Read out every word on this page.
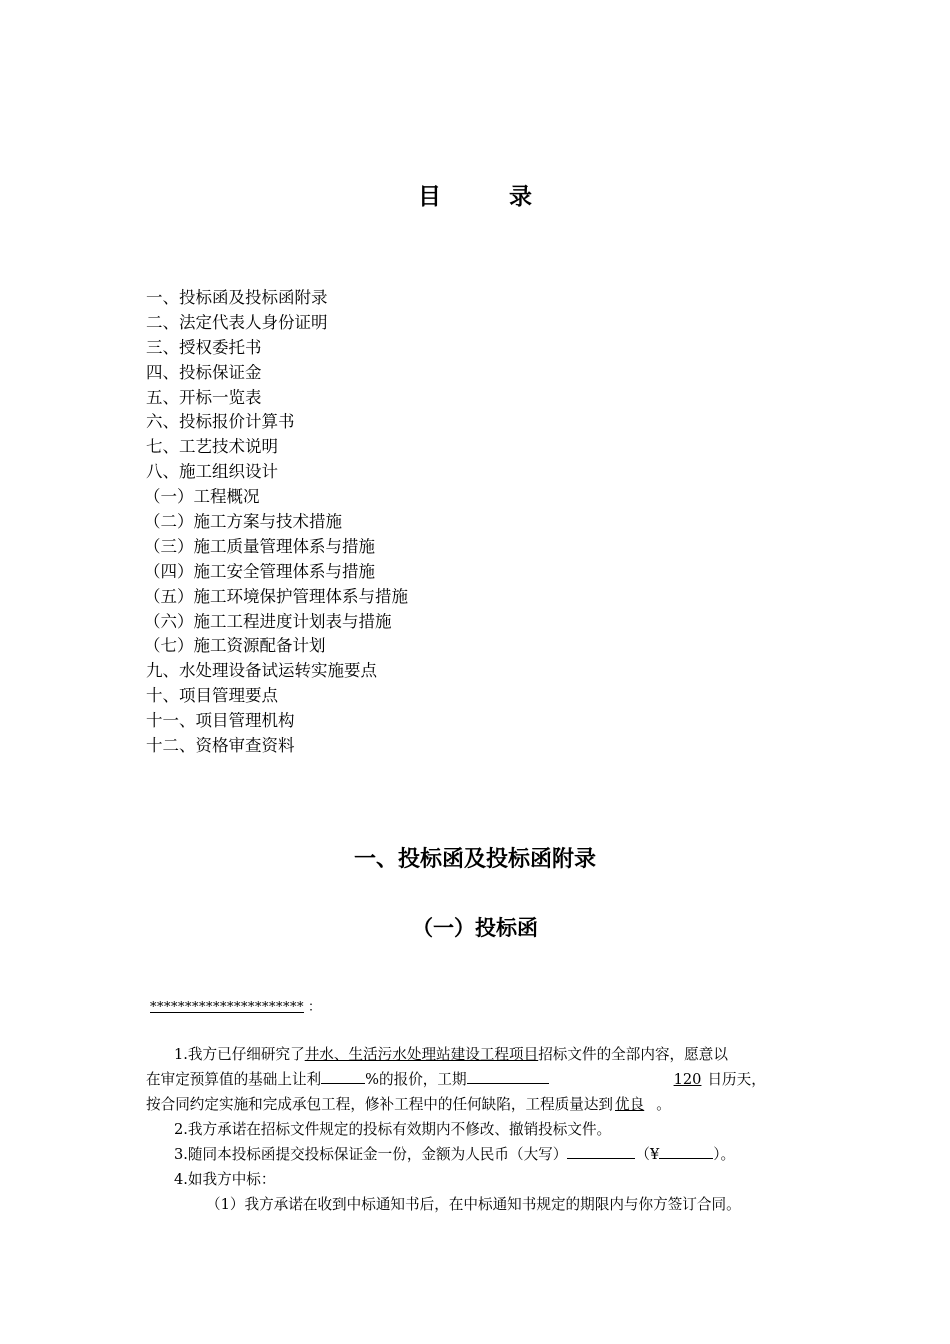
目 录
一、投标函及投标函附录
二、法定代表人身份证明
三、授权委托书
四、投标保证金
五、开标一览表
六、投标报价计算书
七、工艺技术说明
八、施工组织设计
（一）工程概况
（二）施工方案与技术措施
（三）施工质量管理体系与措施
（四）施工安全管理体系与措施
（五）施工环境保护管理体系与措施
（六）施工工程进度计划表与措施
（七）施工资源配备计划
九、水处理设备试运转实施要点
十、项目管理要点
十一、项目管理机构
十二、资格审查资料
一、投标函及投标函附录
（一）投标函
********************** ：
1.我方已仔细研究了井水、生活污水处理站建设工程项目招标文件的全部内容，愿意以
在审定预算值的基础上让利	%的报价，工期	120 日历天，
按合同约定实施和完成承包工程，修补工程中的任何缺陷，工程质量达到 优良 。
2.我方承诺在招标文件规定的投标有效期内不修改、撤销投标文件。
3.随同本投标函提交投标保证金一份，金额为人民币（大写）	（¥	）。
4.如我方中标：
（1）我方承诺在收到中标通知书后，在中标通知书规定的期限内与你方签订合同。
